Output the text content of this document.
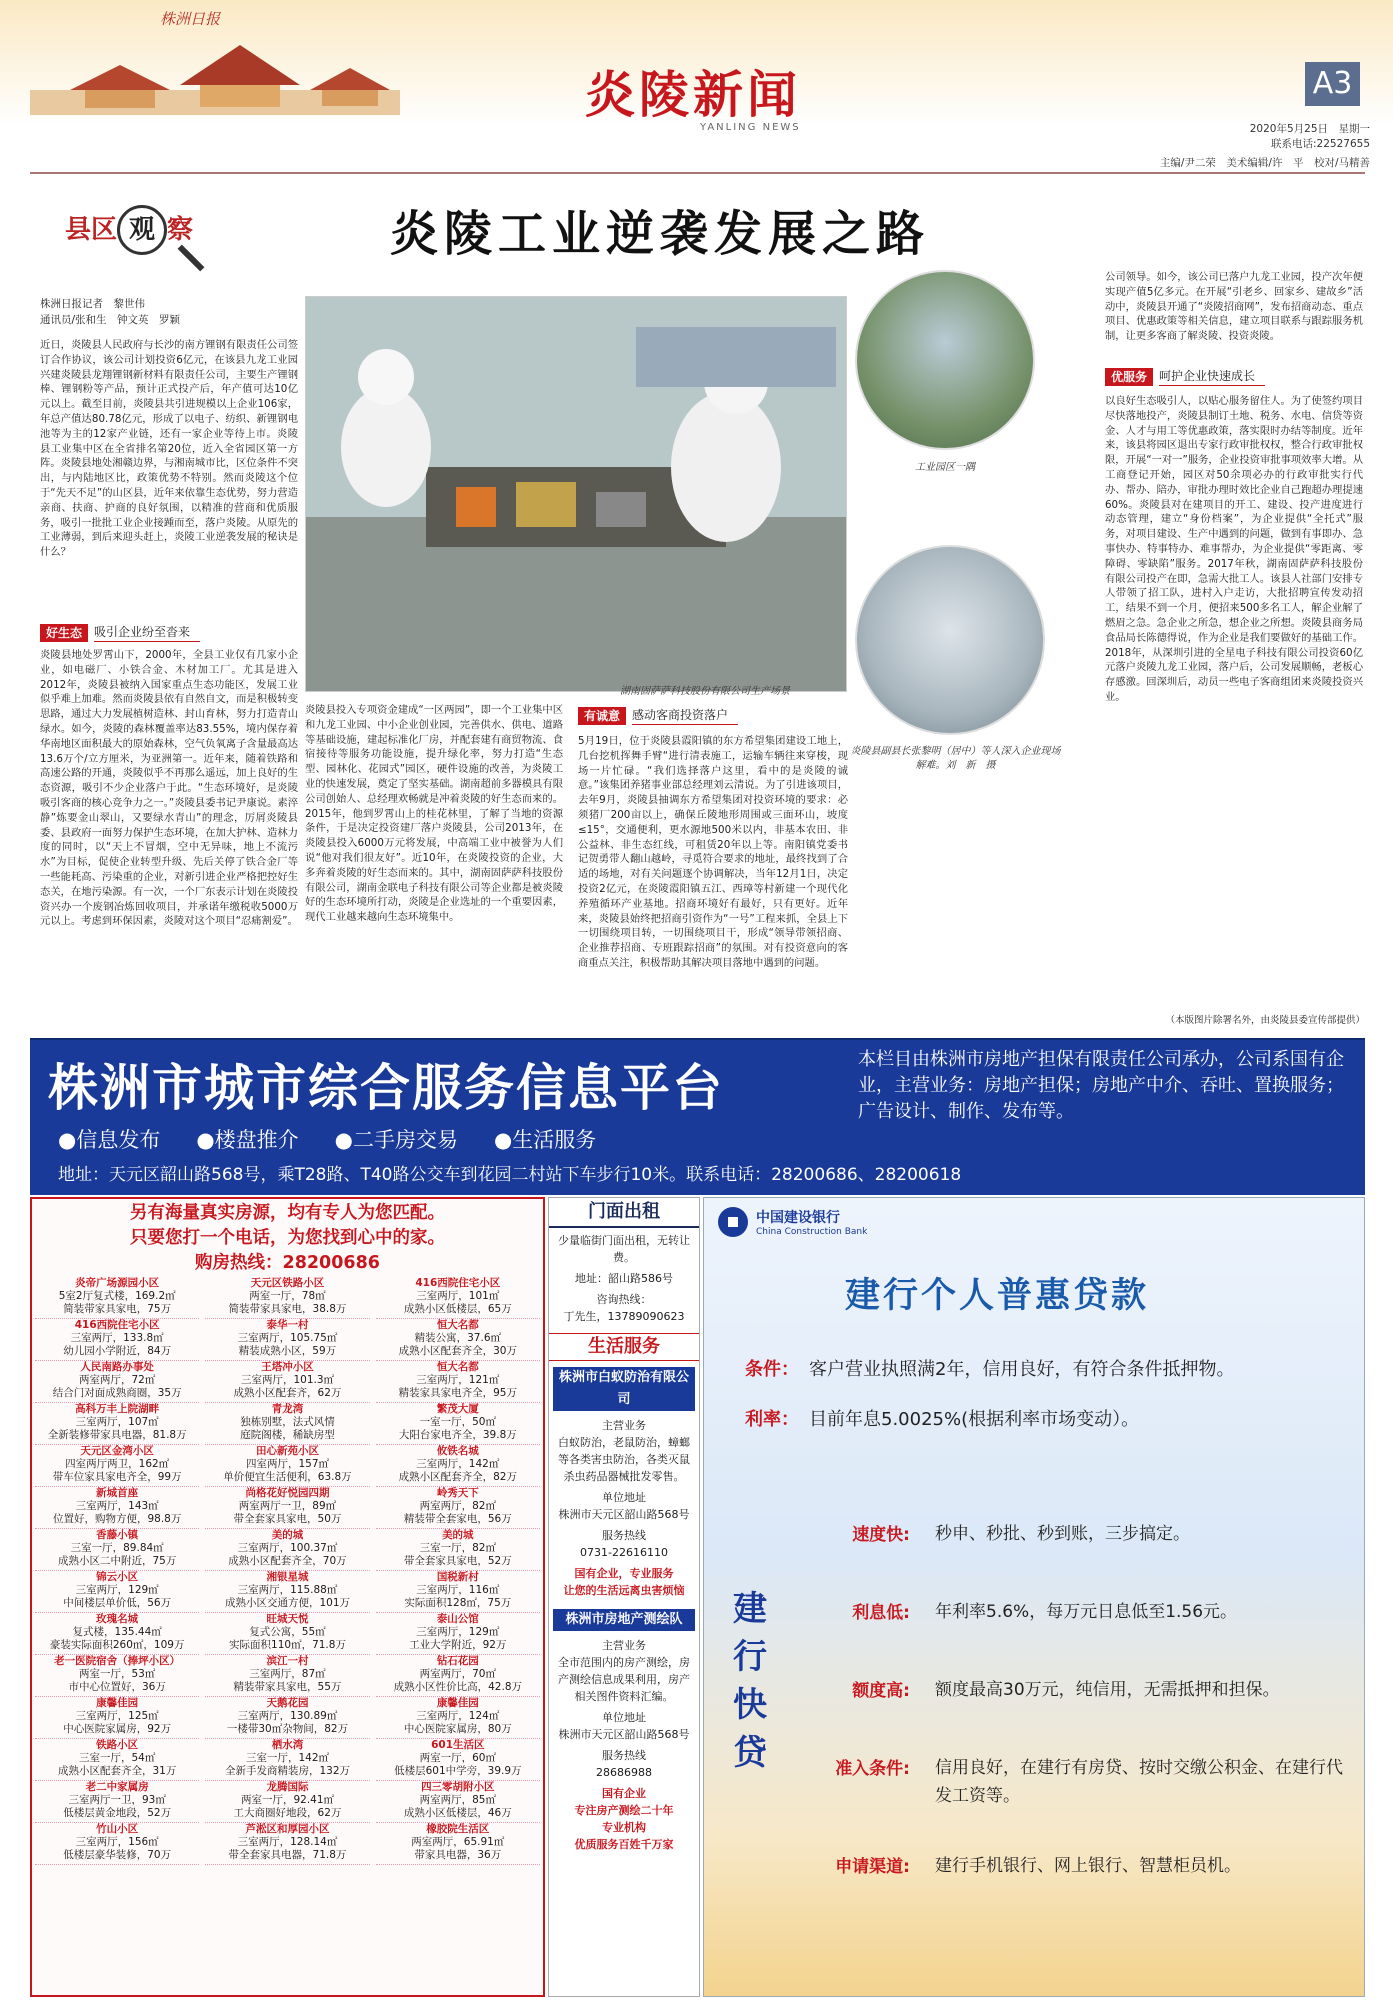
株洲日报
炎陵新闻
YANLING NEWS
A3
2020年5月25日　星期一
联系电话:22527655
主编/尹二荣　美术编辑/许　平　校对/马精善
县区 观 察	炎陵工业逆袭发展之路
株洲日报记者　黎世伟
通讯员/张和生　钟文英　罗颖
近日，炎陵县人民政府与长沙的南方锂钢有限责任公司签订合作协议，该公司计划投资6亿元，在该县九龙工业园兴建炎陵县龙翔锂钢新材料有限责任公司，主要生产锂钢棒、锂钢粉等产品，预计正式投产后，年产值可达10亿元以上。截至目前，炎陵县共引进规模以上企业106家，年总产值达80.78亿元，形成了以电子、纺织、新锂钢电池等为主的12家产业链，还有一家企业等待上市。炎陵县工业集中区在全省排名第20位，近入全省园区第一方阵。炎陵县地处湘赣边界，与湘南城市比，区位条件不突出，与内陆地区比，政策优势不特别。然而炎陵这个位于“先天不足”的山区县，近年来依靠生态优势，努力营造亲商、扶商、护商的良好氛围，以精准的营商和优质服务，吸引一批批工业企业接踵而至，落户炎陵。从原先的工业薄弱，到后来迎头赶上，炎陵工业逆袭发展的秘诀是什么？
好生态	吸引企业纷至沓来
炎陵县地处罗霄山下，2000年，全县工业仅有几家小企业，如电磁厂、小铁合金、木材加工厂。尤其是进入2012年，炎陵县被纳入国家重点生态功能区，发展工业似乎难上加难。然而炎陵县依有自然自文，而是积极转变思路，通过大力发展植树造林、封山育林，努力打造青山绿水。如今，炎陵的森林覆盖率达83.55%，境内保存着华南地区面积最大的原始森林，空气负氧离子含量最高达13.6万个/立方厘米，为亚洲第一。近年来，随着铁路和高速公路的开通，炎陵似乎不再那么遥远，加上良好的生态资源，吸引不少企业落户于此。“生态环境好，是炎陵吸引客商的核心竞争力之一。”炎陵县委书记尹康说。素淬静”炼要金山翠山，又要绿水青山”的理念，厉屑炎陵县委、县政府一面努力保护生态环境，在加大护林、造林力度的同时，以“天上不冒烟，空中无异味，地上不流污水”为目标，促使企业转型升级、先后关停了铁合金厂等一些能耗高、污染重的企业，对新引进企业严格把控好生态关，在地污染源。有一次，一个厂东表示计划在炎陵投资兴办一个废钢冶炼回收项目，并承诺年缴税收5000万元以上。考虑到环保因素，炎陵对这个项目“忍痛割爱”。
湖南固萨萨科技股份有限公司生产场景
炎陵县投入专项资金建成“一区两园”，即一个工业集中区和九龙工业园、中小企业创业园，完善供水、供电、道路等基础设施，建起标准化厂房，并配套建有商贸物流、食宿接待等服务功能设施，提升绿化率，努力打造“生态型、园林化、花园式”园区，硬件设施的改善，为炎陵工业的快速发展，奠定了坚实基础。湖南超前多器模具有限公司创始人、总经理欢畅就是冲着炎陵的好生态而来的。2015年，他到罗霄山上的桂花林里，了解了当地的资源条件，于是决定投资建厂落户炎陵县，公司2013年，在炎陵县投入6000万元将发展，中高端工业中被誉为人们说“他对我们很友好”。近10年，在炎陵投资的企业，大多奔着炎陵的好生态而来的。其中，湖南固萨萨科技股份有限公司，湖南金联电子科技有限公司等企业都是被炎陵好的生态环境所打动，炎陵是企业选址的一个重要因素，现代工业越来越向生态环境集中。
有诚意	感动客商投资落户
5月19日，位于炎陵县霞阳镇的东方希望集团建设工地上，几台挖机挥舞手臂“进行清表施工，运输车辆往来穿梭，现场一片忙碌。“我们选择落户这里，看中的是炎陵的诚意。”该集团养猪事业部总经理刘云清说。为了引进该项目，去年9月，炎陵县抽调东方希望集团对投资环境的要求：必须猪厂200亩以上，确保丘陵地形周围或三面环山，坡度≤15°，交通便利，更水源地500米以内，非基本农田、非公益林、非生态红线，可租赁20年以上等。南阳镇党委书记贺勇带人翻山越岭，寻觅符合要求的地址，最终找到了合适的场地，对有关问题逐个协调解决，当年12月1日，决定投资2亿元，在炎陵霞阳镇五江、西璋等村新建一个现代化养殖循环产业基地。招商环境好有最好，只有更好。近年来，炎陵县始终把招商引资作为“一号”工程来抓，全县上下一切围绕项目转，一切围绕项目干，形成“领导带领招商、企业推荐招商、专班跟踪招商”的氛围。对有投资意向的客商重点关注，积极帮助其解决项目落地中遇到的问题。
工业园区一隅
炎陵县副县长张黎明（居中）等人深入企业现场解难。刘　新　摄
公司领导。如今，该公司已落户九龙工业园，投产次年便实现产值5亿多元。在开展“引老乡、回家乡、建故乡”活动中，炎陵县开通了“炎陵招商网”，发布招商动态、重点项目、优惠政策等相关信息，建立项目联系与跟踪服务机制，让更多客商了解炎陵、投资炎陵。
优服务	呵护企业快速成长
以良好生态吸引人，以贴心服务留住人。为了使签约项目尽快落地投产，炎陵县制订土地、税务、水电、信贷等资金、人才与用工等优惠政策，落实限时办结等制度。近年来，该县将园区退出专家行政审批权权，整合行政审批权限，开展“一对一”服务，企业投资审批事项效率大增。从工商登记开始，园区对50余项必办的行政审批实行代办、帮办、陪办，审批办理时效比企业自己跑超办理提速60%。炎陵县对在建项目的开工、建设、投产进度进行动态管理，建立“身份档案”，为企业提供“全托式”服务，对项目建设、生产中遇到的问题，做到有事即办、急事快办、特事特办、难事帮办，为企业提供“零距离、零障碍、零缺陷”服务。2017年秋，湖南固萨萨科技股份有限公司投产在即，急需大批工人。该县人社部门安排专人带领了招工队，进村入户走访，大批招聘宣传发动招工，结果不到一个月，便招来500多名工人，解企业解了燃眉之急。急企业之所急，想企业之所想。炎陵县商务局食品局长陈德得说，作为企业是我们要做好的基础工作。2018年，从深圳引进的全星电子科技有限公司投资60亿元落户炎陵九龙工业园，落户后，公司发展顺畅，老板心存感激。回深圳后，动员一些电子客商组团来炎陵投资兴业。
（本版图片除署名外，由炎陵县委宣传部提供）
株洲市城市综合服务信息平台
●信息发布 ●楼盘推介 ●二手房交易 ●生活服务
本栏目由株洲市房地产担保有限责任公司承办，公司系国有企业，主营业务：房地产担保；房地产中介、吞吐、置换服务；广告设计、制作、发布等。
地址：天元区韶山路568号，乘T28路、T40路公交车到花园二村站下车步行10米。联系电话：28200686、28200618
另有海量真实房源，均有专人为您匹配。
只要您打一个电话，为您找到心中的家。
购房热线：28200686
炎帝广场源园小区
5室2厅复式楼，169.2㎡
简装带家具家电，75万
天元区铁路小区
两室一厅，78㎡
简装带家具家电，38.8万
416西院住宅小区
三室两厅，101㎡
成熟小区低楼层，65万
416西院住宅小区
三室两厅，133.8㎡
幼儿园小学附近，84万
泰华一村
三室两厅，105.75㎡
精装成熟小区，59万
恒大名都
精装公寓，37.6㎡
成熟小区配套齐全，30万
人民南路办事处
两室两厅，72㎡
结合门对面成熟商圈，35万
王塔冲小区
三室两厅，101.3㎡
成熟小区配套齐，62万
恒大名都
三室两厅，121㎡
精装家具家电齐全，95万
高科万丰上院湖畔
三室两厅，107㎡
全新装修带家具电器，81.8万
青龙湾
独栋别墅，法式风情
庭院阁楼，稀缺房型
繁茂大厦
一室一厅，50㎡
大阳台家电齐全，39.8万
天元区金湾小区
四室两厅两卫，162㎡
带车位家具家电齐全，99万
田心新苑小区
四室两厅，157㎡
单价便宜生活便利，63.8万
攸铁名城
三室两厅，142㎡
成熟小区配套齐全，82万
新城首座
三室两厅，143㎡
位置好，购物方便，98.8万
尚格花好悦园四期
两室两厅一卫，89㎡
带全套家具家电，50万
岭秀天下
两室两厅，82㎡
精装带全套家电，56万
香藤小镇
三室一厅，89.84㎡
成熟小区二中附近，75万
美的城
三室两厅，100.37㎡
成熟小区配套齐全，70万
美的城
三室一厅，82㎡
带全套家具家电，52万
锦云小区
三室两厅，129㎡
中间楼层单价低，56万
湘银星城
三室两厅，115.88㎡
成熟小区交通方便，101万
国税新村
三室两厅，116㎡
实际面积128㎡，75万
玫瑰名城
复式楼，135.44㎡
豪装实际面积260㎡，109万
旺城天悦
复式公寓，55㎡
实际面积110㎡，71.8万
泰山公馆
三室两厅，129㎡
工业大学附近，92万
老一医院宿舍（捧坪小区）
两室一厅，53㎡
市中心位置好，36万
滨江一村
三室两厅，87㎡
精装带家具家电，55万
钻石花园
两室两厅，70㎡
成熟小区性价比高，42.8万
康馨佳园
三室两厅，125㎡
中心医院家属房，92万
天鹅花园
三室两厅，130.89㎡
一楼带30㎡杂物间，82万
康馨佳园
三室两厅，124㎡
中心医院家属房，80万
铁路小区
三室一厅，54㎡
成熟小区配套齐全，31万
栖水湾
三室一厅，142㎡
全新手发商精装房，132万
601生活区
两室一厅，60㎡
低楼层601中学旁，39.9万
老二中家属房
三室两厅一卫，93㎡
低楼层黄金地段，52万
龙腾国际
两室一厅，92.41㎡
工大商圈好地段，62万
四三零胡附小区
两室两厅，85㎡
成熟小区低楼层，46万
竹山小区
三室两厅，156㎡
低楼层豪华装修，70万
芦淞区和厚园小区
三室两厅，128.14㎡
带全套家具电器，71.8万
橡胶院生活区
两室两厅，65.91㎡
带家具电器，36万
门面出租
少量临街门面出租，无转让费。
地址：韶山路586号
咨询热线：
丁先生，13789090623
生活服务
株洲市白蚁防治有限公司
主营业务
白蚁防治，老鼠防治，蟑螂等各类害虫防治，各类灭鼠杀虫药品器械批发零售。
单位地址
株洲市天元区韶山路568号
服务热线
0731-22616110
国有企业，专业服务
让您的生活远离虫害烦恼
株洲市房地产测绘队
主营业务
全市范围内的房产测绘，房产测绘信息成果利用，房产相关图件资料汇编。
单位地址
株洲市天元区韶山路568号
服务热线
28686988
国有企业
专注房产测绘二十年
专业机构
优质服务百姓千万家
中国建设银行
China Construction Bank
建行个人普惠贷款
条件： 客户营业执照满2年，信用良好，有符合条件抵押物。
利率： 目前年息5.0025%(根据利率市场变动）。
建行快贷
速度快:	秒申、秒批、秒到账，三步搞定。
利息低:	年利率5.6%，每万元日息低至1.56元。
额度高:	额度最高30万元，纯信用，无需抵押和担保。
准入条件:	信用良好，在建行有房贷、按时交缴公积金、在建行代发工资等。
申请渠道:	建行手机银行、网上银行、智慧柜员机。
